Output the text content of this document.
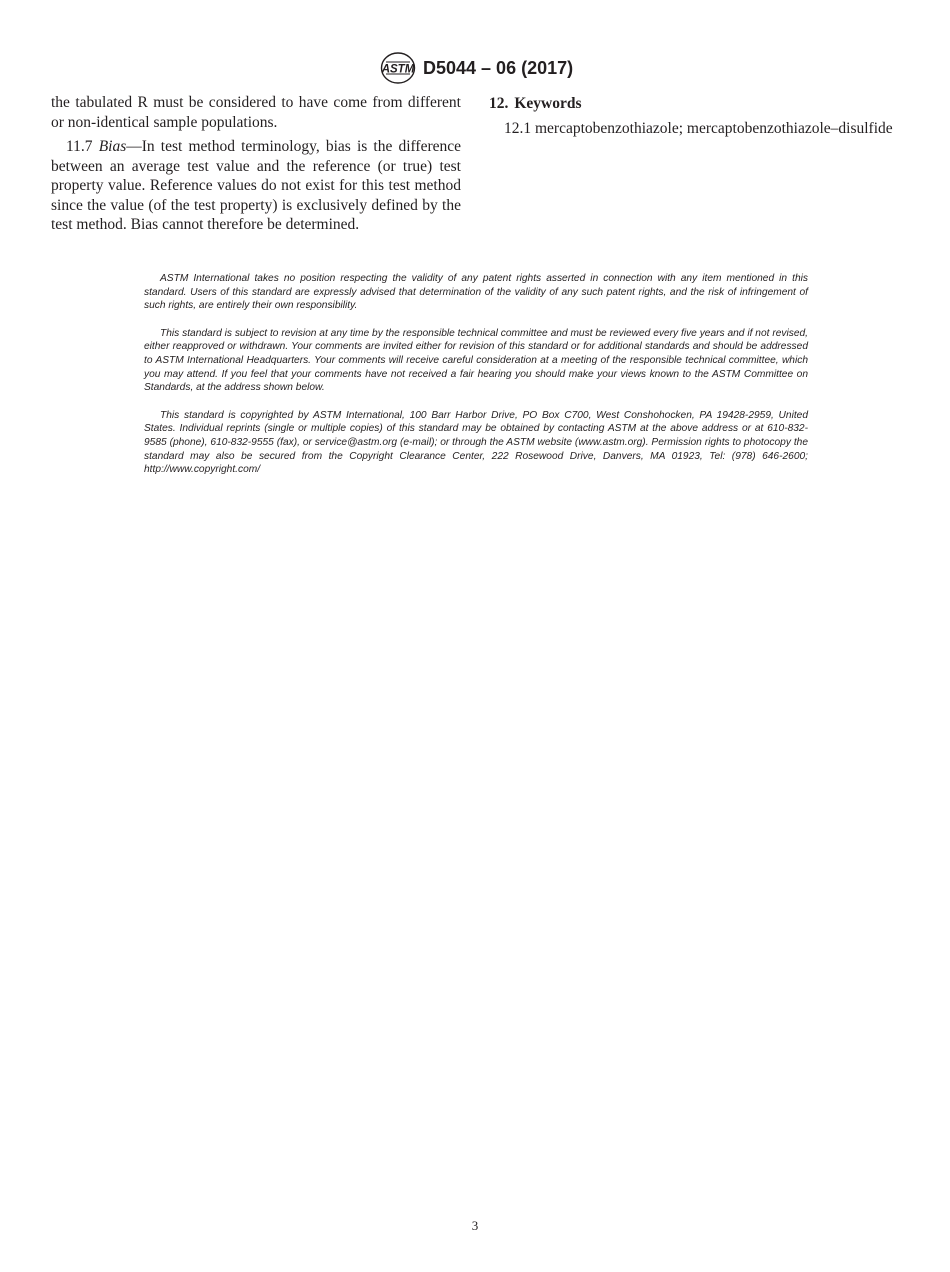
ASTM D5044 – 06 (2017)

the tabulated R must be considered to have come from different or non-identical sample populations.

11.7 Bias—In test method terminology, bias is the difference between an average test value and the reference (or true) test property value. Reference values do not exist for this test method since the value (of the test property) is exclusively defined by the test method. Bias cannot therefore be determined.

12. Keywords

12.1 mercaptobenzothiazole; mercaptobenzothiazole–disulfide

ASTM International takes no position respecting the validity of any patent rights asserted in connection with any item mentioned in this standard. Users of this standard are expressly advised that determination of the validity of any such patent rights, and the risk of infringement of such rights, are entirely their own responsibility.

This standard is subject to revision at any time by the responsible technical committee and must be reviewed every five years and if not revised, either reapproved or withdrawn. Your comments are invited either for revision of this standard or for additional standards and should be addressed to ASTM International Headquarters. Your comments will receive careful consideration at a meeting of the responsible technical committee, which you may attend. If you feel that your comments have not received a fair hearing you should make your views known to the ASTM Committee on Standards, at the address shown below.

This standard is copyrighted by ASTM International, 100 Barr Harbor Drive, PO Box C700, West Conshohocken, PA 19428-2959, United States. Individual reprints (single or multiple copies) of this standard may be obtained by contacting ASTM at the above address or at 610-832-9585 (phone), 610-832-9555 (fax), or service@astm.org (e-mail); or through the ASTM website (www.astm.org). Permission rights to photocopy the standard may also be secured from the Copyright Clearance Center, 222 Rosewood Drive, Danvers, MA 01923, Tel: (978) 646-2600; http://www.copyright.com/

3
